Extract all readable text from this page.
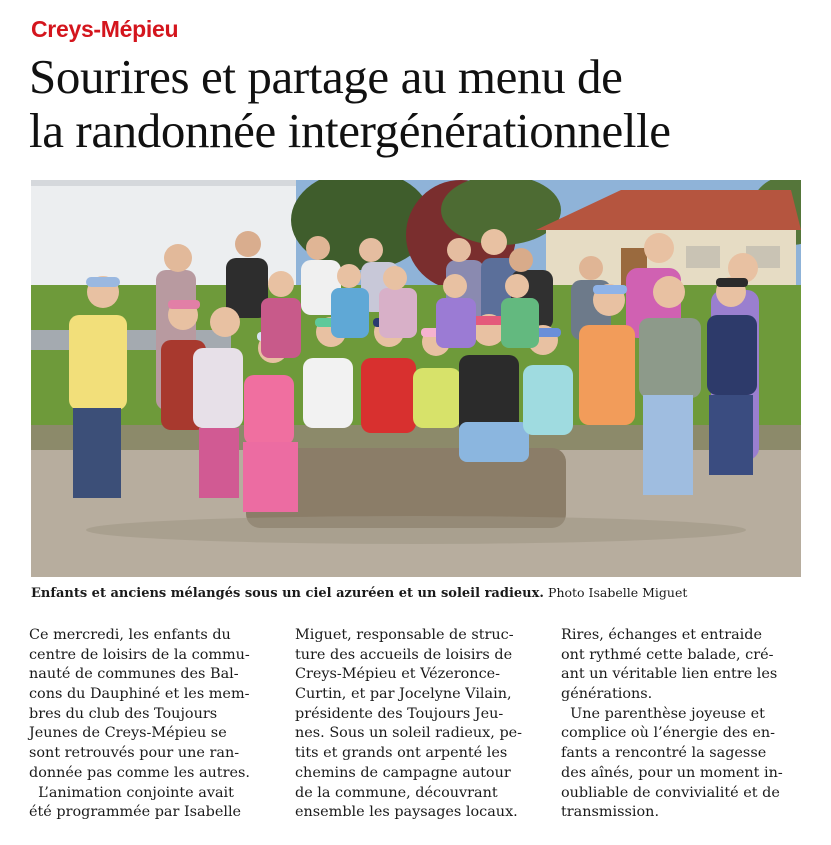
Creys-Mépieu
Sourires et partage au menu de
la randonnée intergénérationnelle
Enfants et anciens mélangés sous un ciel azuréen et un soleil radieux. Photo Isabelle Miguet
Ce mercredi, les enfants du
centre de loisirs de la commu-
nauté de communes des Bal-
cons du Dauphiné et les mem-
bres du club des Toujours
Jeunes de Creys-Mépieu se
sont retrouvés pour une ran-
donnée pas comme les autres.
L’animation conjointe avait
été programmée par Isabelle
Miguet, responsable de struc-
ture des accueils de loisirs de
Creys-Mépieu et Vézeronce-
Curtin, et par Jocelyne Vilain,
présidente des Toujours Jeu-
nes. Sous un soleil radieux, pe-
tits et grands ont arpenté les
chemins de campagne autour
de la commune, découvrant
ensemble les paysages locaux.
Rires, échanges et entraide
ont rythmé cette balade, cré-
ant un véritable lien entre les
générations.
Une parenthèse joyeuse et
complice où l’énergie des en-
fants a rencontré la sagesse
des aînés, pour un moment in-
oubliable de convivialité et de
transmission.
